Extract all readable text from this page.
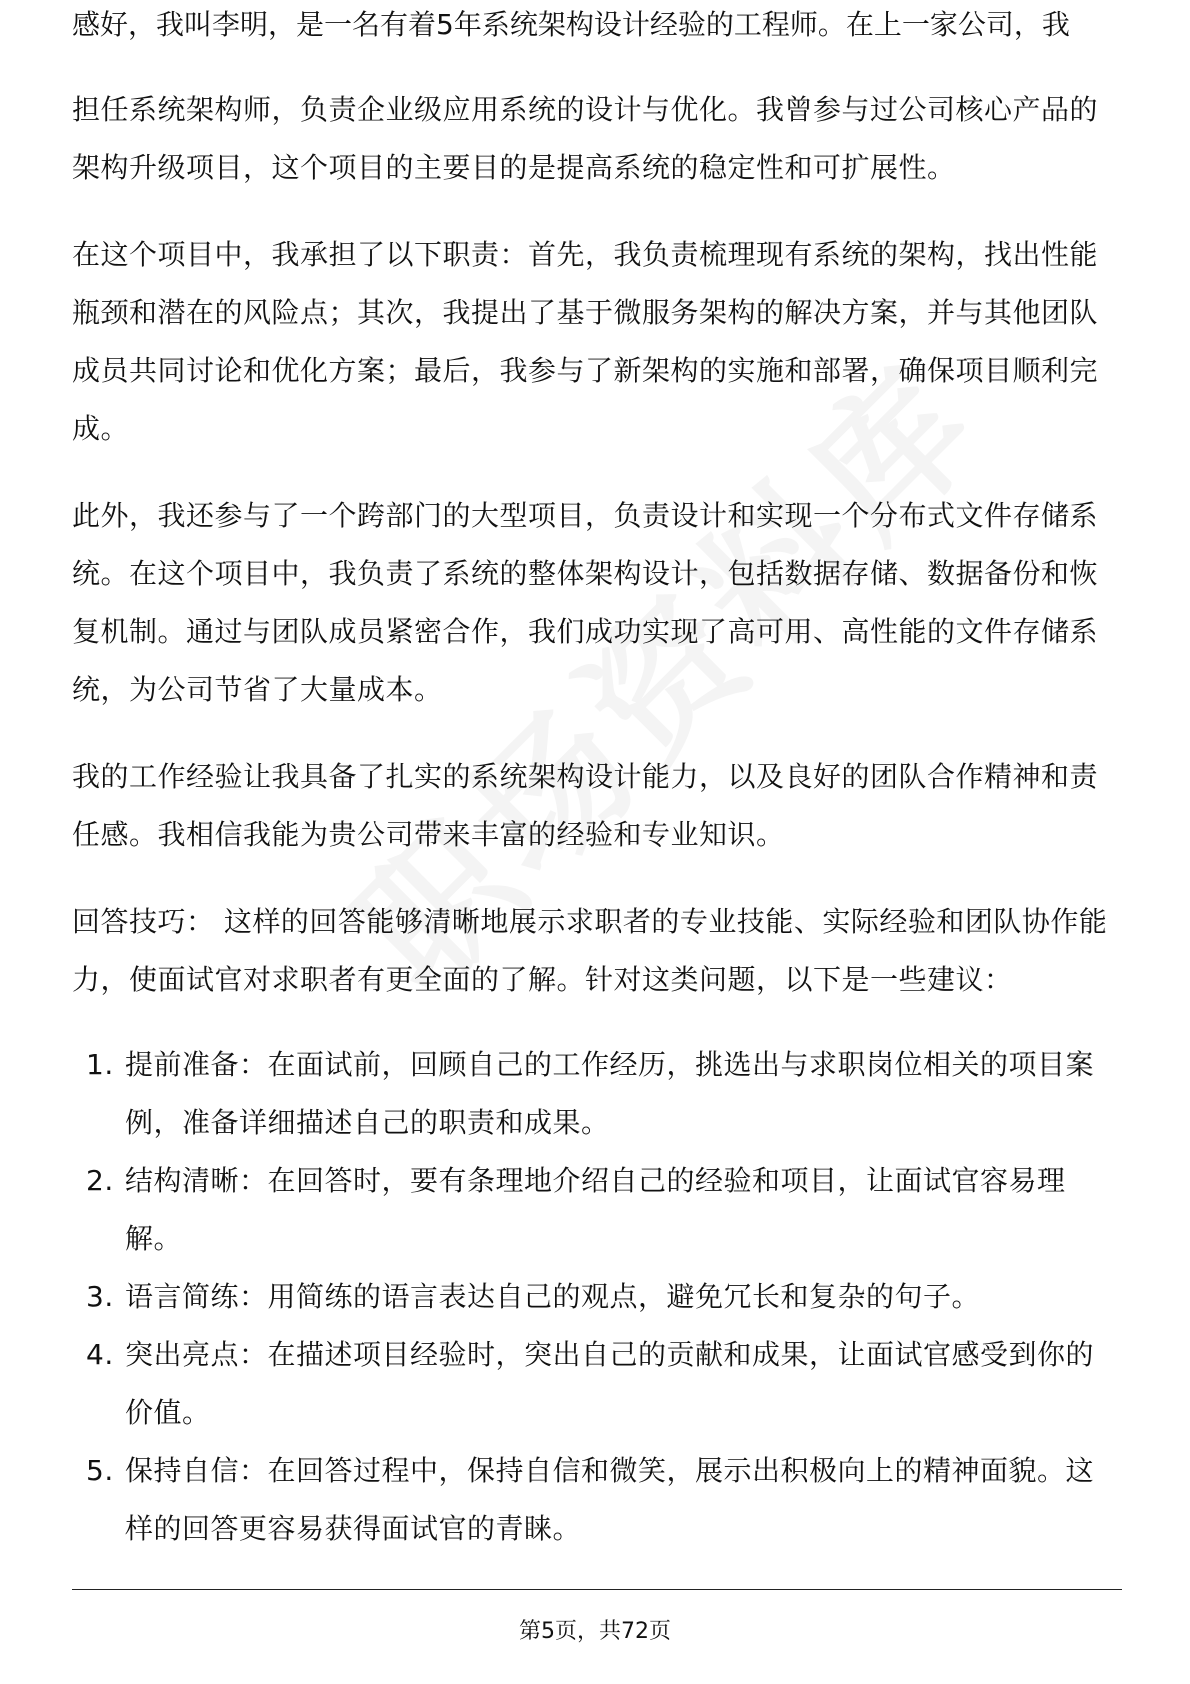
感好，我叫李明，是一名有着5年系统架构设计经验的工程师。在上一家公司，我

担任系统架构师，负责企业级应用系统的设计与优化。我曾参与过公司核心产品的架构升级项目，这个项目的主要目的是提高系统的稳定性和可扩展性。

在这个项目中，我承担了以下职责：首先，我负责梳理现有系统的架构，找出性能瓶颈和潜在的风险点；其次，我提出了基于微服务架构的解决方案，并与其他团队成员共同讨论和优化方案；最后，我参与了新架构的实施和部署，确保项目顺利完成。

此外，我还参与了一个跨部门的大型项目，负责设计和实现一个分布式文件存储系统。在这个项目中，我负责了系统的整体架构设计，包括数据存储、数据备份和恢复机制。通过与团队成员紧密合作，我们成功实现了高可用、高性能的文件存储系统，为公司节省了大量成本。

我的工作经验让我具备了扎实的系统架构设计能力，以及良好的团队合作精神和责任感。我相信我能为贵公司带来丰富的经验和专业知识。

回答技巧： 这样的回答能够清晰地展示求职者的专业技能、实际经验和团队协作能力，使面试官对求职者有更全面的了解。针对这类问题，以下是一些建议：

1. 提前准备：在面试前，回顾自己的工作经历，挑选出与求职岗位相关的项目案例，准备详细描述自己的职责和成果。
2. 结构清晰：在回答时，要有条理地介绍自己的经验和项目，让面试官容易理解。
3. 语言简练：用简练的语言表达自己的观点，避免冗长和复杂的句子。
4. 突出亮点：在描述项目经验时，突出自己的贡献和成果，让面试官感受到你的价值。
5. 保持自信：在回答过程中，保持自信和微笑，展示出积极向上的精神面貌。这样的回答更容易获得面试官的青睐。
第5页，共72页
